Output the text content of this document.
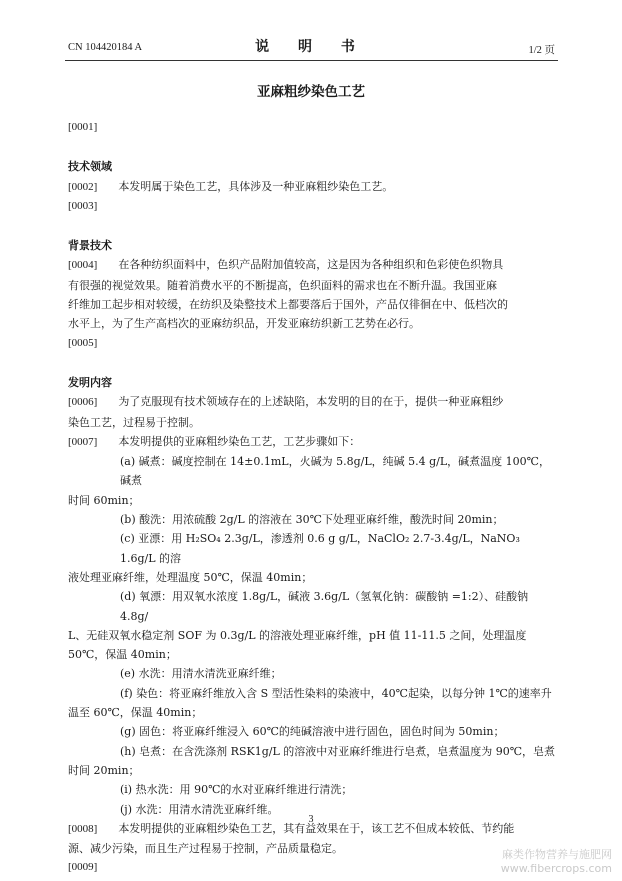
CN 104420184 A	说 明 书	1/2 页
亚麻粗纱染色工艺

[0001]

技术领域

[0002] 本发明属于染色工艺，具体涉及一种亚麻粗纱染色工艺。

[0003]

背景技术

[0004] 在各种纺织面料中，色织产品附加值较高，这是因为各种组织和色彩使色织物具

有很强的视觉效果。随着消费水平的不断提高，色织面料的需求也在不断升温。我国亚麻

纤维加工起步相对较缓，在纺织及染整技术上都要落后于国外，产品仅徘徊在中、低档次的

水平上，为了生产高档次的亚麻纺织品，开发亚麻纺织新工艺势在必行。

[0005]

发明内容

[0006] 为了克服现有技术领域存在的上述缺陷，本发明的目的在于，提供一种亚麻粗纱

染色工艺，过程易于控制。

[0007] 本发明提供的亚麻粗纱染色工艺，工艺步骤如下：

(a) 碱煮：碱度控制在 14±0.1mL，火碱为 5.8g/L，纯碱 5.4 g/L，碱煮温度 100℃，碱煮

时间 60min；

(b) 酸洗：用浓硫酸 2g/L 的溶液在 30℃下处理亚麻纤维，酸洗时间 20min；

(c) 亚漂：用 H₂SO₄ 2.3g/L，渗透剂 0.6 g g/L，NaClO₂ 2.7-3.4g/L，NaNO₃ 1.6g/L 的溶

液处理亚麻纤维，处理温度 50℃，保温 40min；

(d) 氧漂：用双氧水浓度 1.8g/L，碱液 3.6g/L（氢氧化钠：碳酸钠 =1:2）、硅酸钠 4.8g/

L、无硅双氧水稳定剂 SOF 为 0.3g/L 的溶液处理亚麻纤维，pH 值 11-11.5 之间，处理温度

50℃，保温 40min；

(e) 水洗：用清水清洗亚麻纤维；

(f) 染色：将亚麻纤维放入含 S 型活性染料的染液中，40℃起染，以每分钟 1℃的速率升

温至 60℃，保温 40min；

(g) 固色：将亚麻纤维浸入 60℃的纯碱溶液中进行固色，固色时间为 50min；

(h) 皂煮：在含洗涤剂 RSK1g/L 的溶液中对亚麻纤维进行皂煮，皂煮温度为 90℃，皂煮

时间 20min；

(i) 热水洗：用 90℃的水对亚麻纤维进行清洗；

(j) 水洗：用清水清洗亚麻纤维。

[0008] 本发明提供的亚麻粗纱染色工艺，其有益效果在于，该工艺不但成本较低、节约能

源、减少污染，而且生产过程易于控制，产品质量稳定。

[0009]

3
麻类作物营养与施肥网
www.fibercrops.com
